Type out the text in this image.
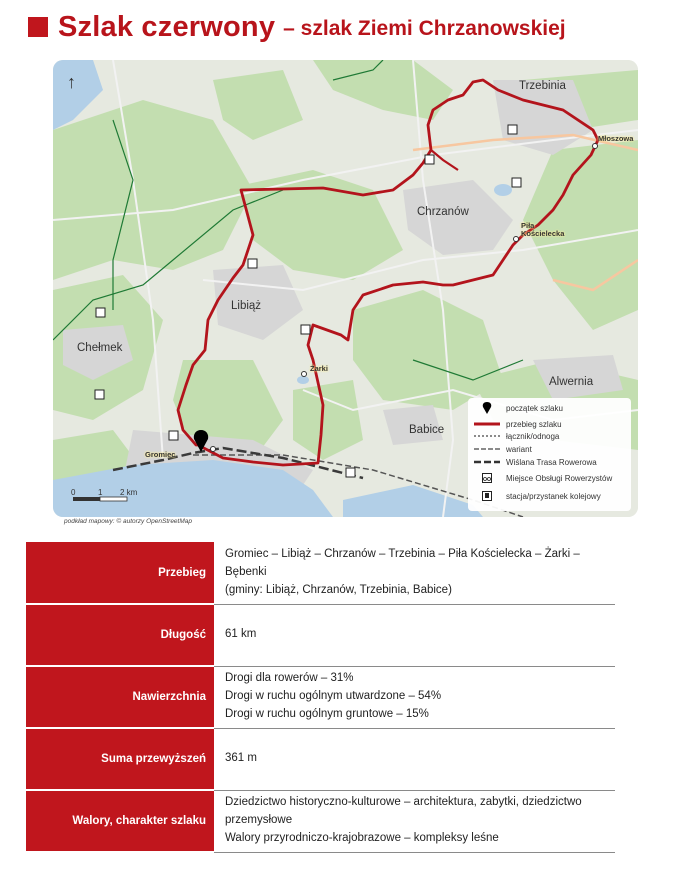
Szlak czerwony – szlak Ziemi Chrzanowskiej
↑	Trzebinia
Chrzanów
Libiąż
Chełmek
Alwernia
Babice
Gromiec
Młoszowa
Piła Kościelecka
Żarki
0	1 2 km
początek szlaku
przebieg szlaku
łącznik/odnoga
wariant
Wiślana Trasa Rowerowa
Miejsce Obsługi Rowerzystów
stacja/przystanek kolejowy
podkład mapowy: © autorzy OpenStreetMap
Przebieg	Gromiec – Libiąż – Chrzanów – Trzebinia – Piła Kościelecka – Żarki –
Bębenki
(gminy: Libiąż, Chrzanów, Trzebinia, Babice)

Długość	61 km

Nawierzchnia	Drogi dla rowerów – 31%
Drogi w ruchu ogólnym utwardzone – 54%
Drogi w ruchu ogólnym gruntowe – 15%

Suma przewyższeń	361 m

Walory, charakter szlaku	Dziedzictwo historyczno-kulturowe – architektura, zabytki, dziedzictwo
przemysłowe
Walory przyrodniczo-krajobrazowe – kompleksy leśne
